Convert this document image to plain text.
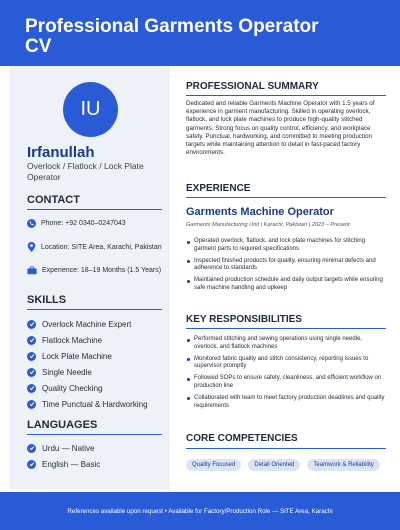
Professional Garments Operator CV
IU
Irfanullah
Overlock / Flatlock / Lock Plate Operator
CONTACT
Phone: +92 0340–0247043
Location: SITE Area, Karachi, Pakistan
Experience: 18–19 Months (1.5 Years)
SKILLS
Overlock Machine Expert
Flatlock Machine
Lock Plate Machine
Single Needle
Quality Checking
Time Punctual & Hardworking
LANGUAGES
Urdu — Native
English — Basic
PROFESSIONAL SUMMARY
Dedicated and reliable Garments Machine Operator with 1.5 years of experience in garment manufacturing. Skilled in operating overlock, flatlock, and lock plate machines to produce high-quality stitched garments. Strong focus on quality control, efficiency, and workplace safety. Punctual, hardworking, and committed to meeting production targets while maintaining attention to detail in fast-paced factory environments.
EXPERIENCE
Garments Machine Operator
Garments Manufacturing Unit | Karachi, Pakistan | 2023 – Present
Operated overlock, flatlock, and lock plate machines for stitching garment parts to required specifications
Inspected finished products for quality, ensuring minimal defects and adherence to standards
Maintained production schedule and daily output targets while ensuring safe machine handling and upkeep
KEY RESPONSIBILITIES
Performed stitching and sewing operations using single needle, overlock, and flatlock machines
Monitored fabric quality and stitch consistency, reporting issues to supervisor promptly
Followed SOPs to ensure safety, cleanliness, and efficient workflow on production line
Collaborated with team to meet factory production deadlines and quality requirements
CORE COMPETENCIES
Quality Focused	Detail Oriented	Teamwork & Reliability
References available upon request • Available for Factory/Production Role — SITE Area, Karachi
